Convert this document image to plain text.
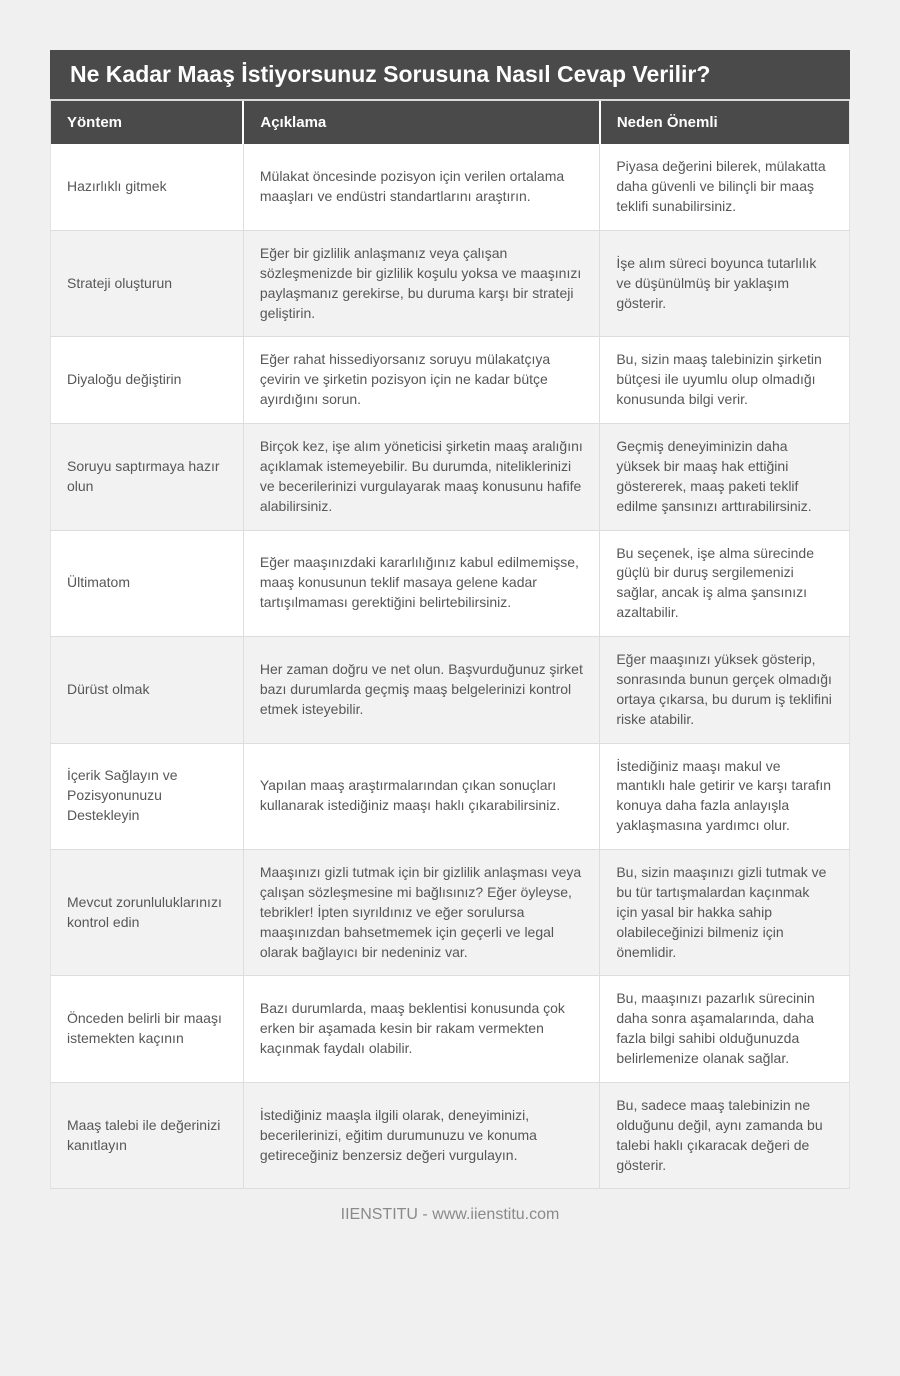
Ne Kadar Maaş İstiyorsunuz Sorusuna Nasıl Cevap Verilir?
Yöntem	Açıklama	Neden Önemli
Hazırlıklı gitmek	Mülakat öncesinde pozisyon için verilen ortalama maaşları ve endüstri standartlarını araştırın.	Piyasa değerini bilerek, mülakatta daha güvenli ve bilinçli bir maaş teklifi sunabilirsiniz.
Strateji oluşturun	Eğer bir gizlilik anlaşmanız veya çalışan sözleşmenizde bir gizlilik koşulu yoksa ve maaşınızı paylaşmanız gerekirse, bu duruma karşı bir strateji geliştirin.	İşe alım süreci boyunca tutarlılık ve düşünülmüş bir yaklaşım gösterir.
Diyaloğu değiştirin	Eğer rahat hissediyorsanız soruyu mülakatçıya çevirin ve şirketin pozisyon için ne kadar bütçe ayırdığını sorun.	Bu, sizin maaş talebinizin şirketin bütçesi ile uyumlu olup olmadığı konusunda bilgi verir.
Soruyu saptırmaya hazır olun	Birçok kez, işe alım yöneticisi şirketin maaş aralığını açıklamak istemeyebilir. Bu durumda, niteliklerinizi ve becerilerinizi vurgulayarak maaş konusunu hafife alabilirsiniz.	Geçmiş deneyiminizin daha yüksek bir maaş hak ettiğini göstererek, maaş paketi teklif edilme şansınızı arttırabilirsiniz.
Ültimatom	Eğer maaşınızdaki kararlılığınız kabul edilmemişse, maaş konusunun teklif masaya gelene kadar tartışılmaması gerektiğini belirtebilirsiniz.	Bu seçenek, işe alma sürecinde güçlü bir duruş sergilemenizi sağlar, ancak iş alma şansınızı azaltabilir.
Dürüst olmak	Her zaman doğru ve net olun. Başvurduğunuz şirket bazı durumlarda geçmiş maaş belgelerinizi kontrol etmek isteyebilir.	Eğer maaşınızı yüksek gösterip, sonrasında bunun gerçek olmadığı ortaya çıkarsa, bu durum iş teklifini riske atabilir.
İçerik Sağlayın ve Pozisyonunuzu Destekleyin	Yapılan maaş araştırmalarından çıkan sonuçları kullanarak istediğiniz maaşı haklı çıkarabilirsiniz.	İstediğiniz maaşı makul ve mantıklı hale getirir ve karşı tarafın konuya daha fazla anlayışla yaklaşmasına yardımcı olur.
Mevcut zorunluluklarınızı kontrol edin	Maaşınızı gizli tutmak için bir gizlilik anlaşması veya çalışan sözleşmesine mi bağlısınız? Eğer öyleyse, tebrikler! İpten sıyrıldınız ve eğer sorulursa maaşınızdan bahsetmemek için geçerli ve legal olarak bağlayıcı bir nedeniniz var.	Bu, sizin maaşınızı gizli tutmak ve bu tür tartışmalardan kaçınmak için yasal bir hakka sahip olabileceğinizi bilmeniz için önemlidir.
Önceden belirli bir maaşı istemekten kaçının	Bazı durumlarda, maaş beklentisi konusunda çok erken bir aşamada kesin bir rakam vermekten kaçınmak faydalı olabilir.	Bu, maaşınızı pazarlık sürecinin daha sonra aşamalarında, daha fazla bilgi sahibi olduğunuzda belirlemenize olanak sağlar.
Maaş talebi ile değerinizi kanıtlayın	İstediğiniz maaşla ilgili olarak, deneyiminizi, becerilerinizi, eğitim durumunuzu ve konuma getireceğiniz benzersiz değeri vurgulayın.	Bu, sadece maaş talebinizin ne olduğunu değil, aynı zamanda bu talebi haklı çıkaracak değeri de gösterir.
IIENSTITU - www.iienstitu.com
